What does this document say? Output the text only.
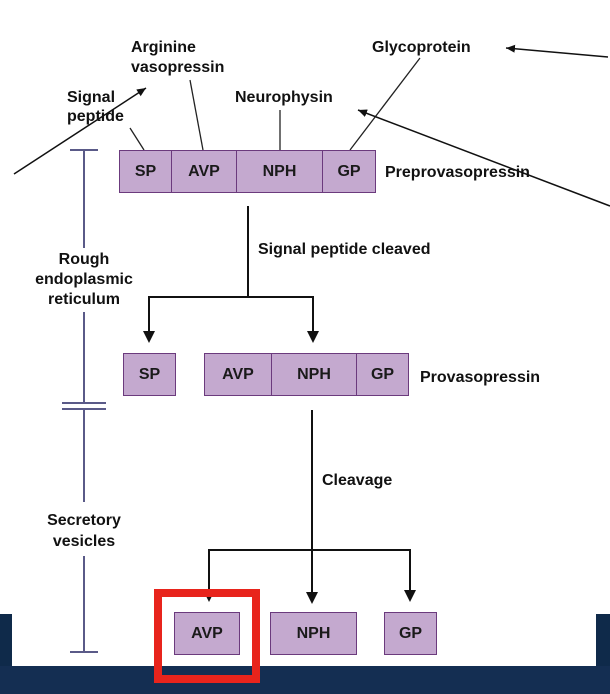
SP	AVP	NPH	GP
SP	AVP	NPH	GP
AVP	NPH	GP
Arginine
vasopressin
Glycoprotein
Signal
peptide
Neurophysin
Preprovasopressin
Signal peptide cleaved
Rough
endoplasmic
reticulum
Provasopressin
Cleavage
Secretory
vesicles
